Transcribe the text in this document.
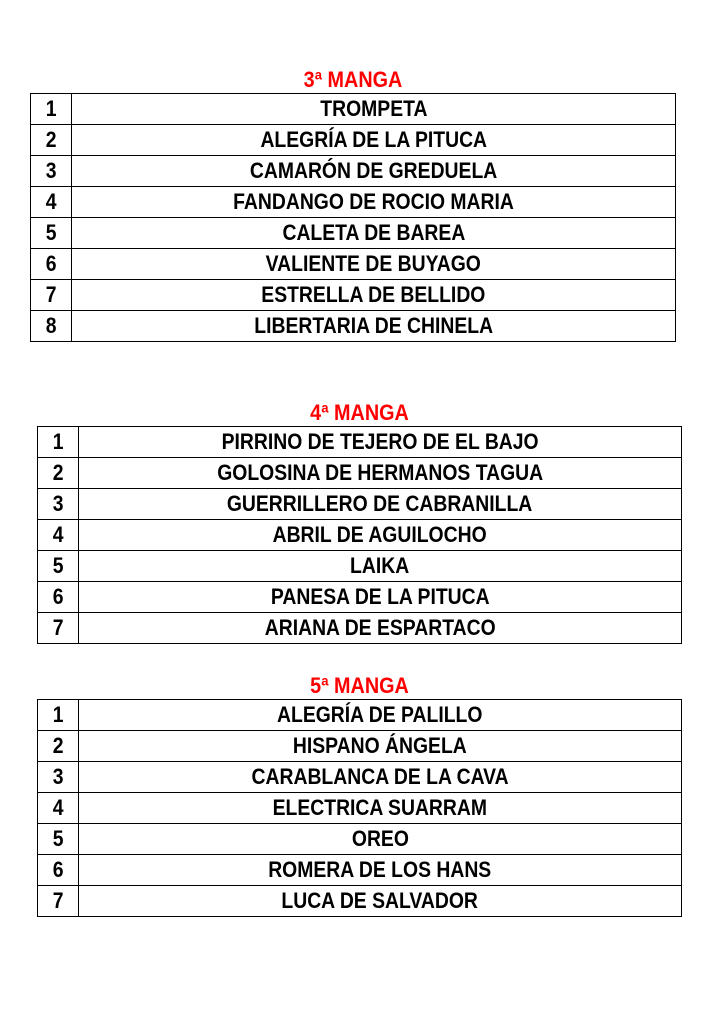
3ª MANGA
1	TROMPETA
2	ALEGRÍA DE LA PITUCA
3	CAMARÓN DE GREDUELA
4	FANDANGO DE ROCIO MARIA
5	CALETA DE BAREA
6	VALIENTE DE BUYAGO
7	ESTRELLA DE BELLIDO
8	LIBERTARIA DE CHINELA
4ª MANGA
1	PIRRINO DE TEJERO DE EL BAJO
2	GOLOSINA DE HERMANOS TAGUA
3	GUERRILLERO DE CABRANILLA
4	ABRIL DE AGUILOCHO
5	LAIKA
6	PANESA DE LA PITUCA
7	ARIANA DE ESPARTACO
5ª MANGA
1	ALEGRÍA DE PALILLO
2	HISPANO ÁNGELA
3	CARABLANCA DE LA CAVA
4	ELECTRICA SUARRAM
5	OREO
6	ROMERA DE LOS HANS
7	LUCA DE SALVADOR
